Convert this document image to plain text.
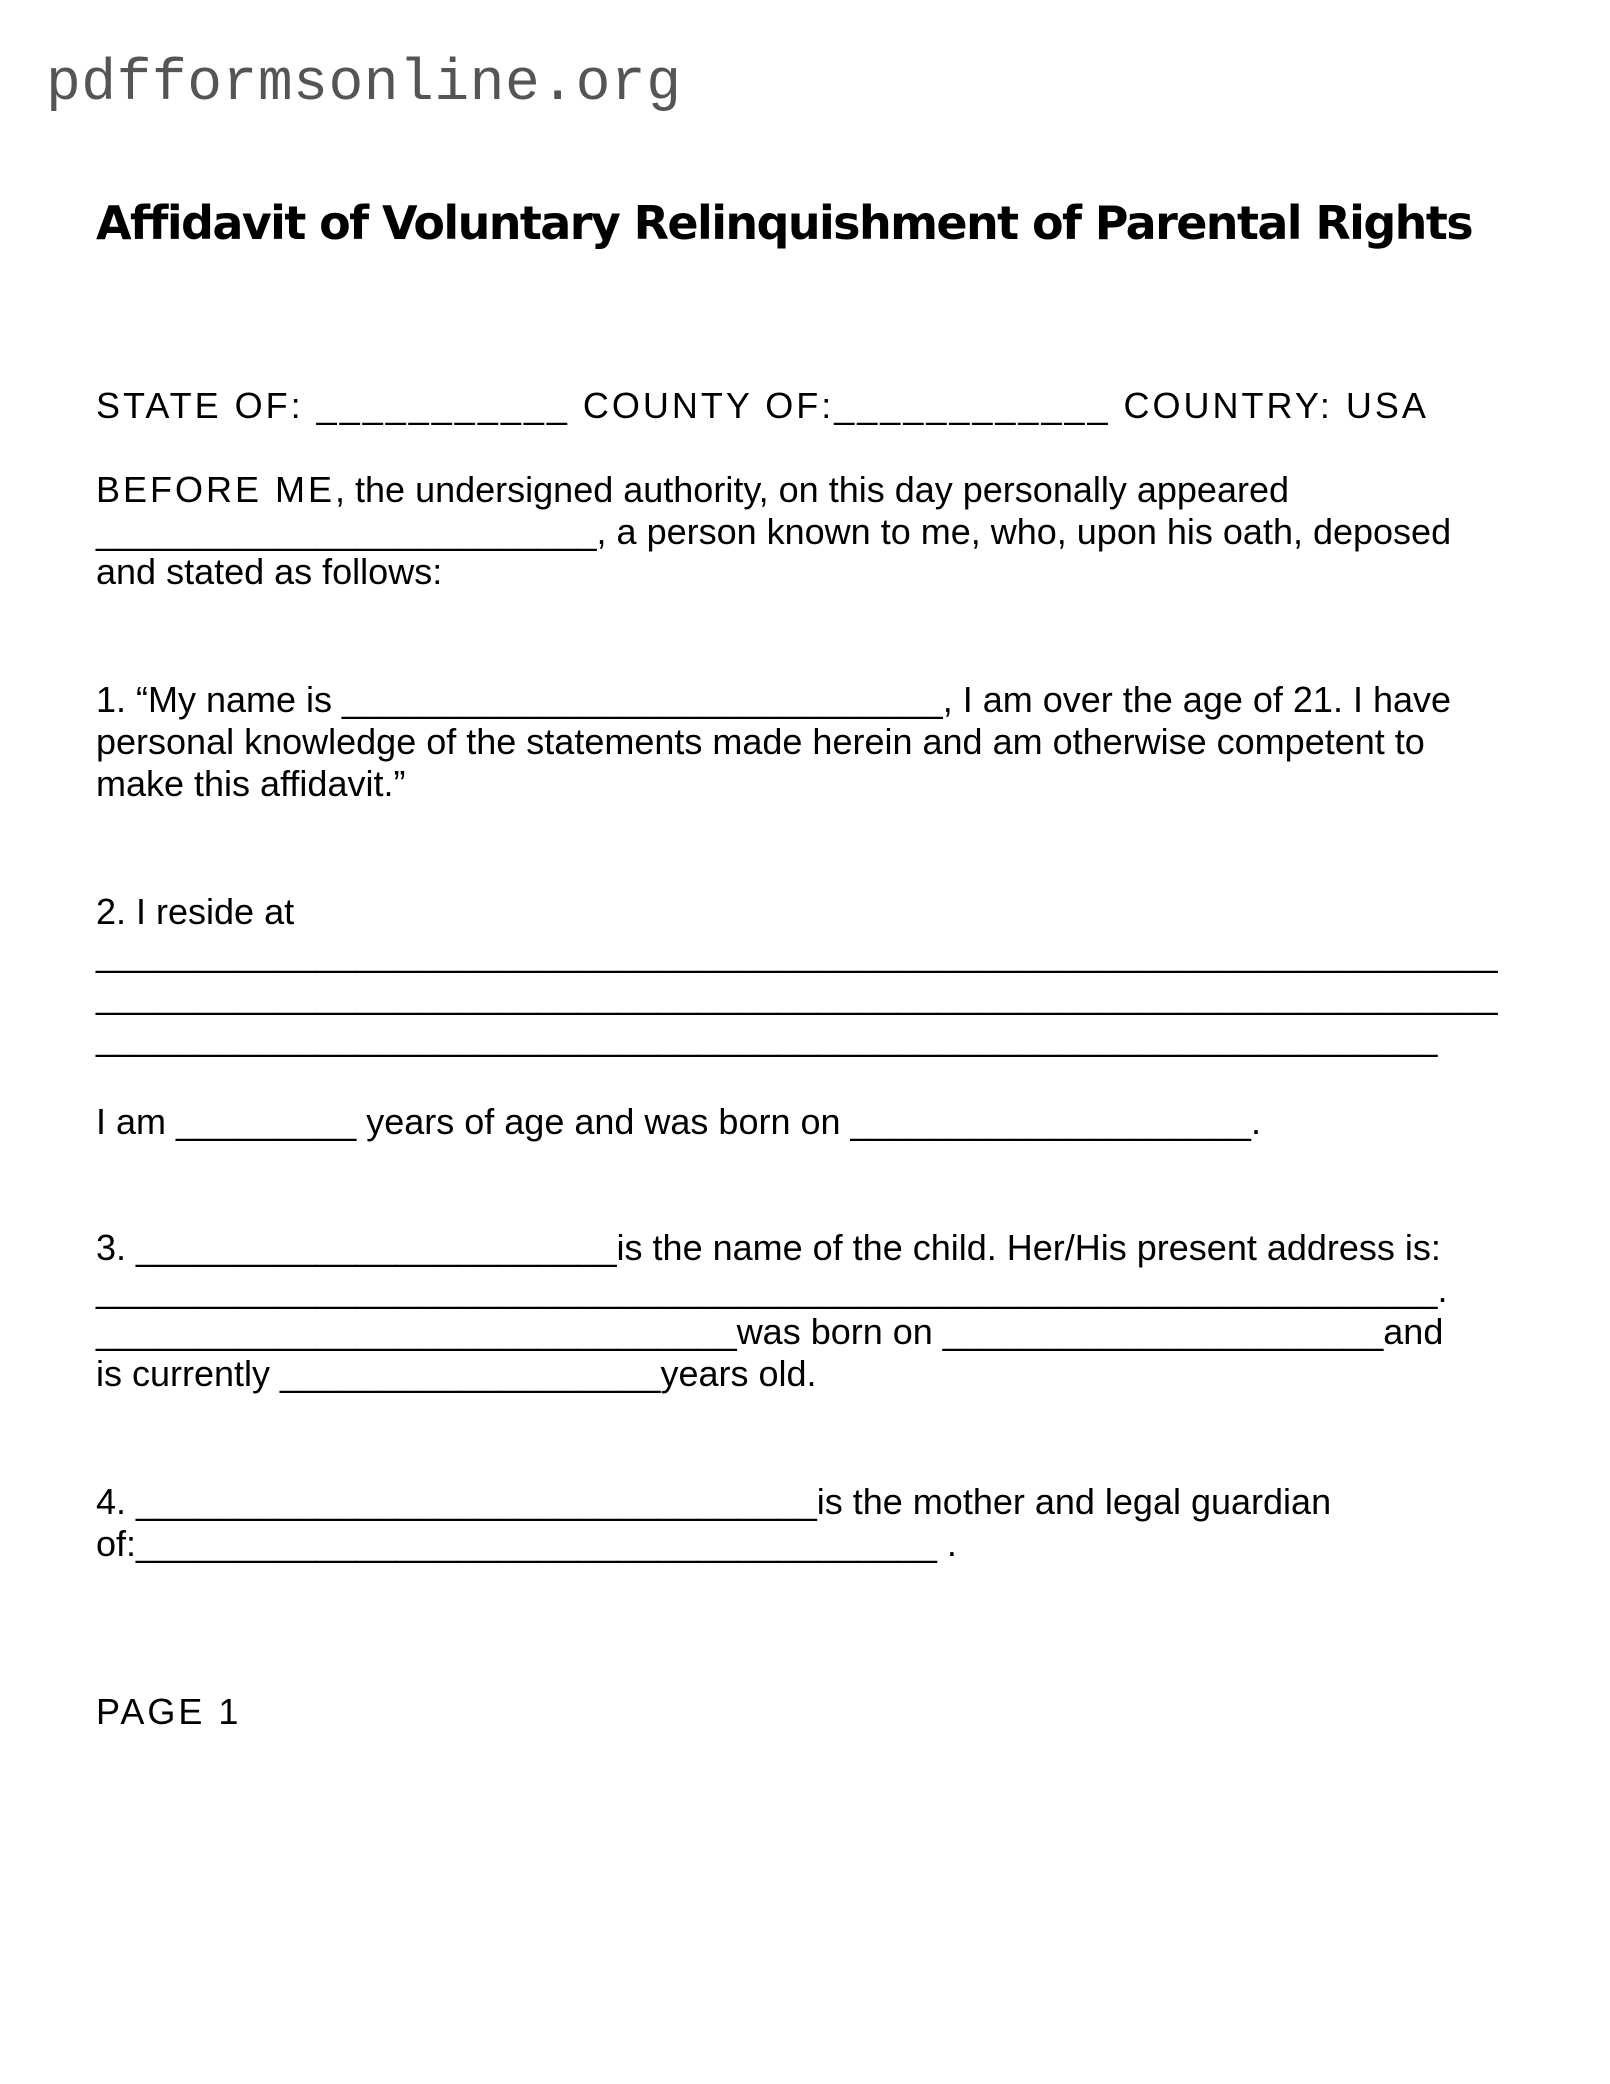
pdfformsonline.org
Affidavit of Voluntary Relinquishment of Parental Rights
STATE OF: ___________ COUNTY OF:____________ COUNTRY: USA
BEFORE ME, the undersigned authority, on this day personally appeared
_________________________, a person known to me, who, upon his oath, deposed
and stated as follows:
1. “My name is ______________________________, I am over the age of 21. I have
personal knowledge of the statements made herein and am otherwise competent to
make this affidavit.”
2. I reside at
______________________________________________________________________
______________________________________________________________________
___________________________________________________________________
I am _________ years of age and was born on ____________________.
3. ________________________is the name of the child. Her/His present address is:
___________________________________________________________________.
________________________________was born on ______________________and
is currently ___________________years old.
4. __________________________________is the mother and legal guardian
of:________________________________________ .
PAGE 1
